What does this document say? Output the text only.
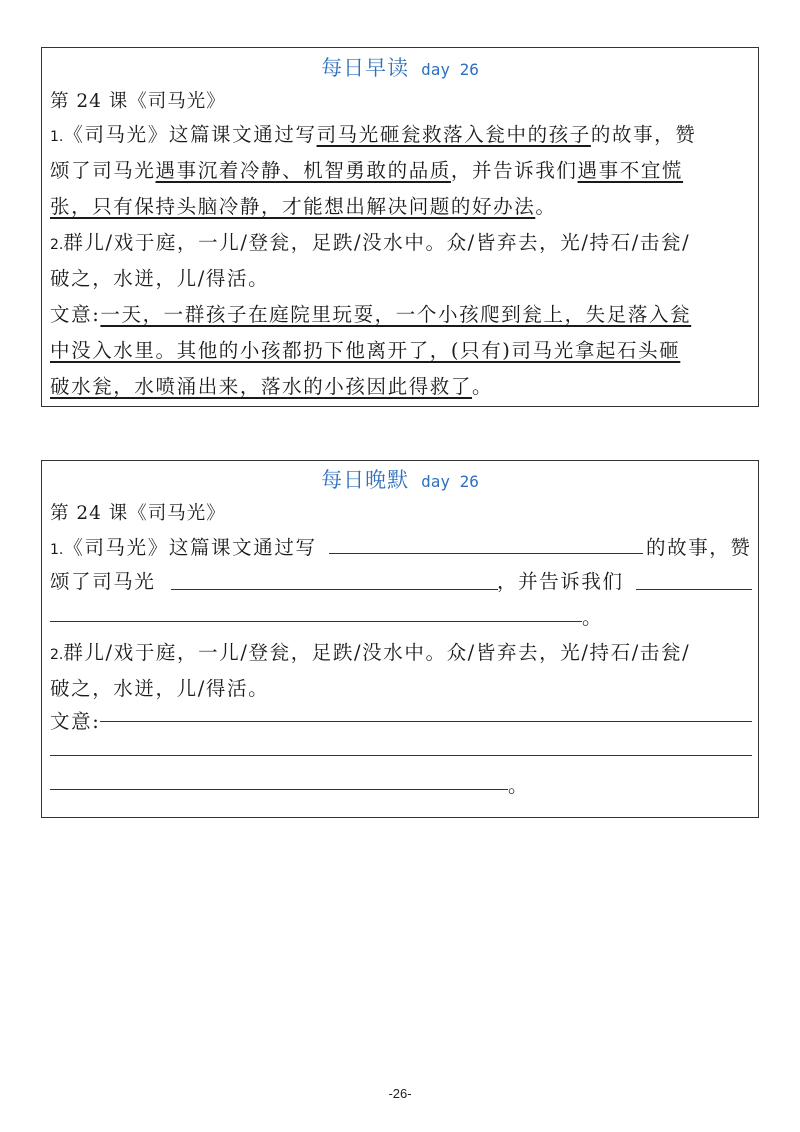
每日早读 day 26
第 24 课《司马光》
1.《司马光》这篇课文通过写司马光砸瓮救落入瓮中的孩子的故事，赞
颂了司马光遇事沉着冷静、机智勇敢的品质，并告诉我们遇事不宜慌
张，只有保持头脑冷静，才能想出解决问题的好办法。
2.群儿/戏于庭，一儿/登瓮，足跌/没水中。众/皆弃去，光/持石/击瓮/
破之，水迸，儿/得活。
文意:一天，一群孩子在庭院里玩耍，一个小孩爬到瓮上，失足落入瓮
中没入水里。其他的小孩都扔下他离开了，(只有)司马光拿起石头砸
破水瓮，水喷涌出来，落水的小孩因此得救了。
每日晚默 day 26
第 24 课《司马光》
1.《司马光》这篇课文通过写	的故事，赞
颂了司马光	，并告诉我们
。
2.群儿/戏于庭，一儿/登瓮，足跌/没水中。众/皆弃去，光/持石/击瓮/
破之，水迸，儿/得活。
文意:
。
-26-
